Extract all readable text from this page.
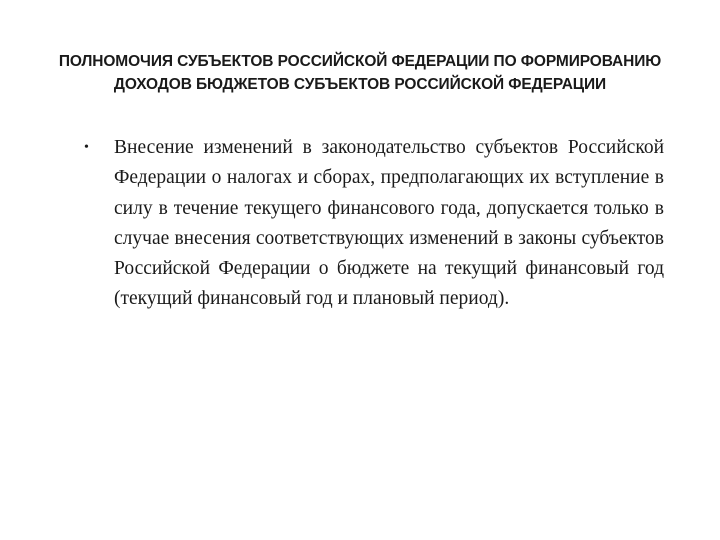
ПОЛНОМОЧИЯ СУБЪЕКТОВ РОССИЙСКОЙ ФЕДЕРАЦИИ ПО ФОРМИРОВАНИЮ ДОХОДОВ БЮДЖЕТОВ СУБЪЕКТОВ РОССИЙСКОЙ ФЕДЕРАЦИИ
•	Внесение изменений в законодательство субъектов Российской Федерации о налогах и сборах, предполагающих их вступление в силу в течение текущего финансового года, допускается только в случае внесения соответствующих изменений в законы субъектов Российской Федерации о бюджете на текущий финансовый год (текущий финансовый год и плановый период).
